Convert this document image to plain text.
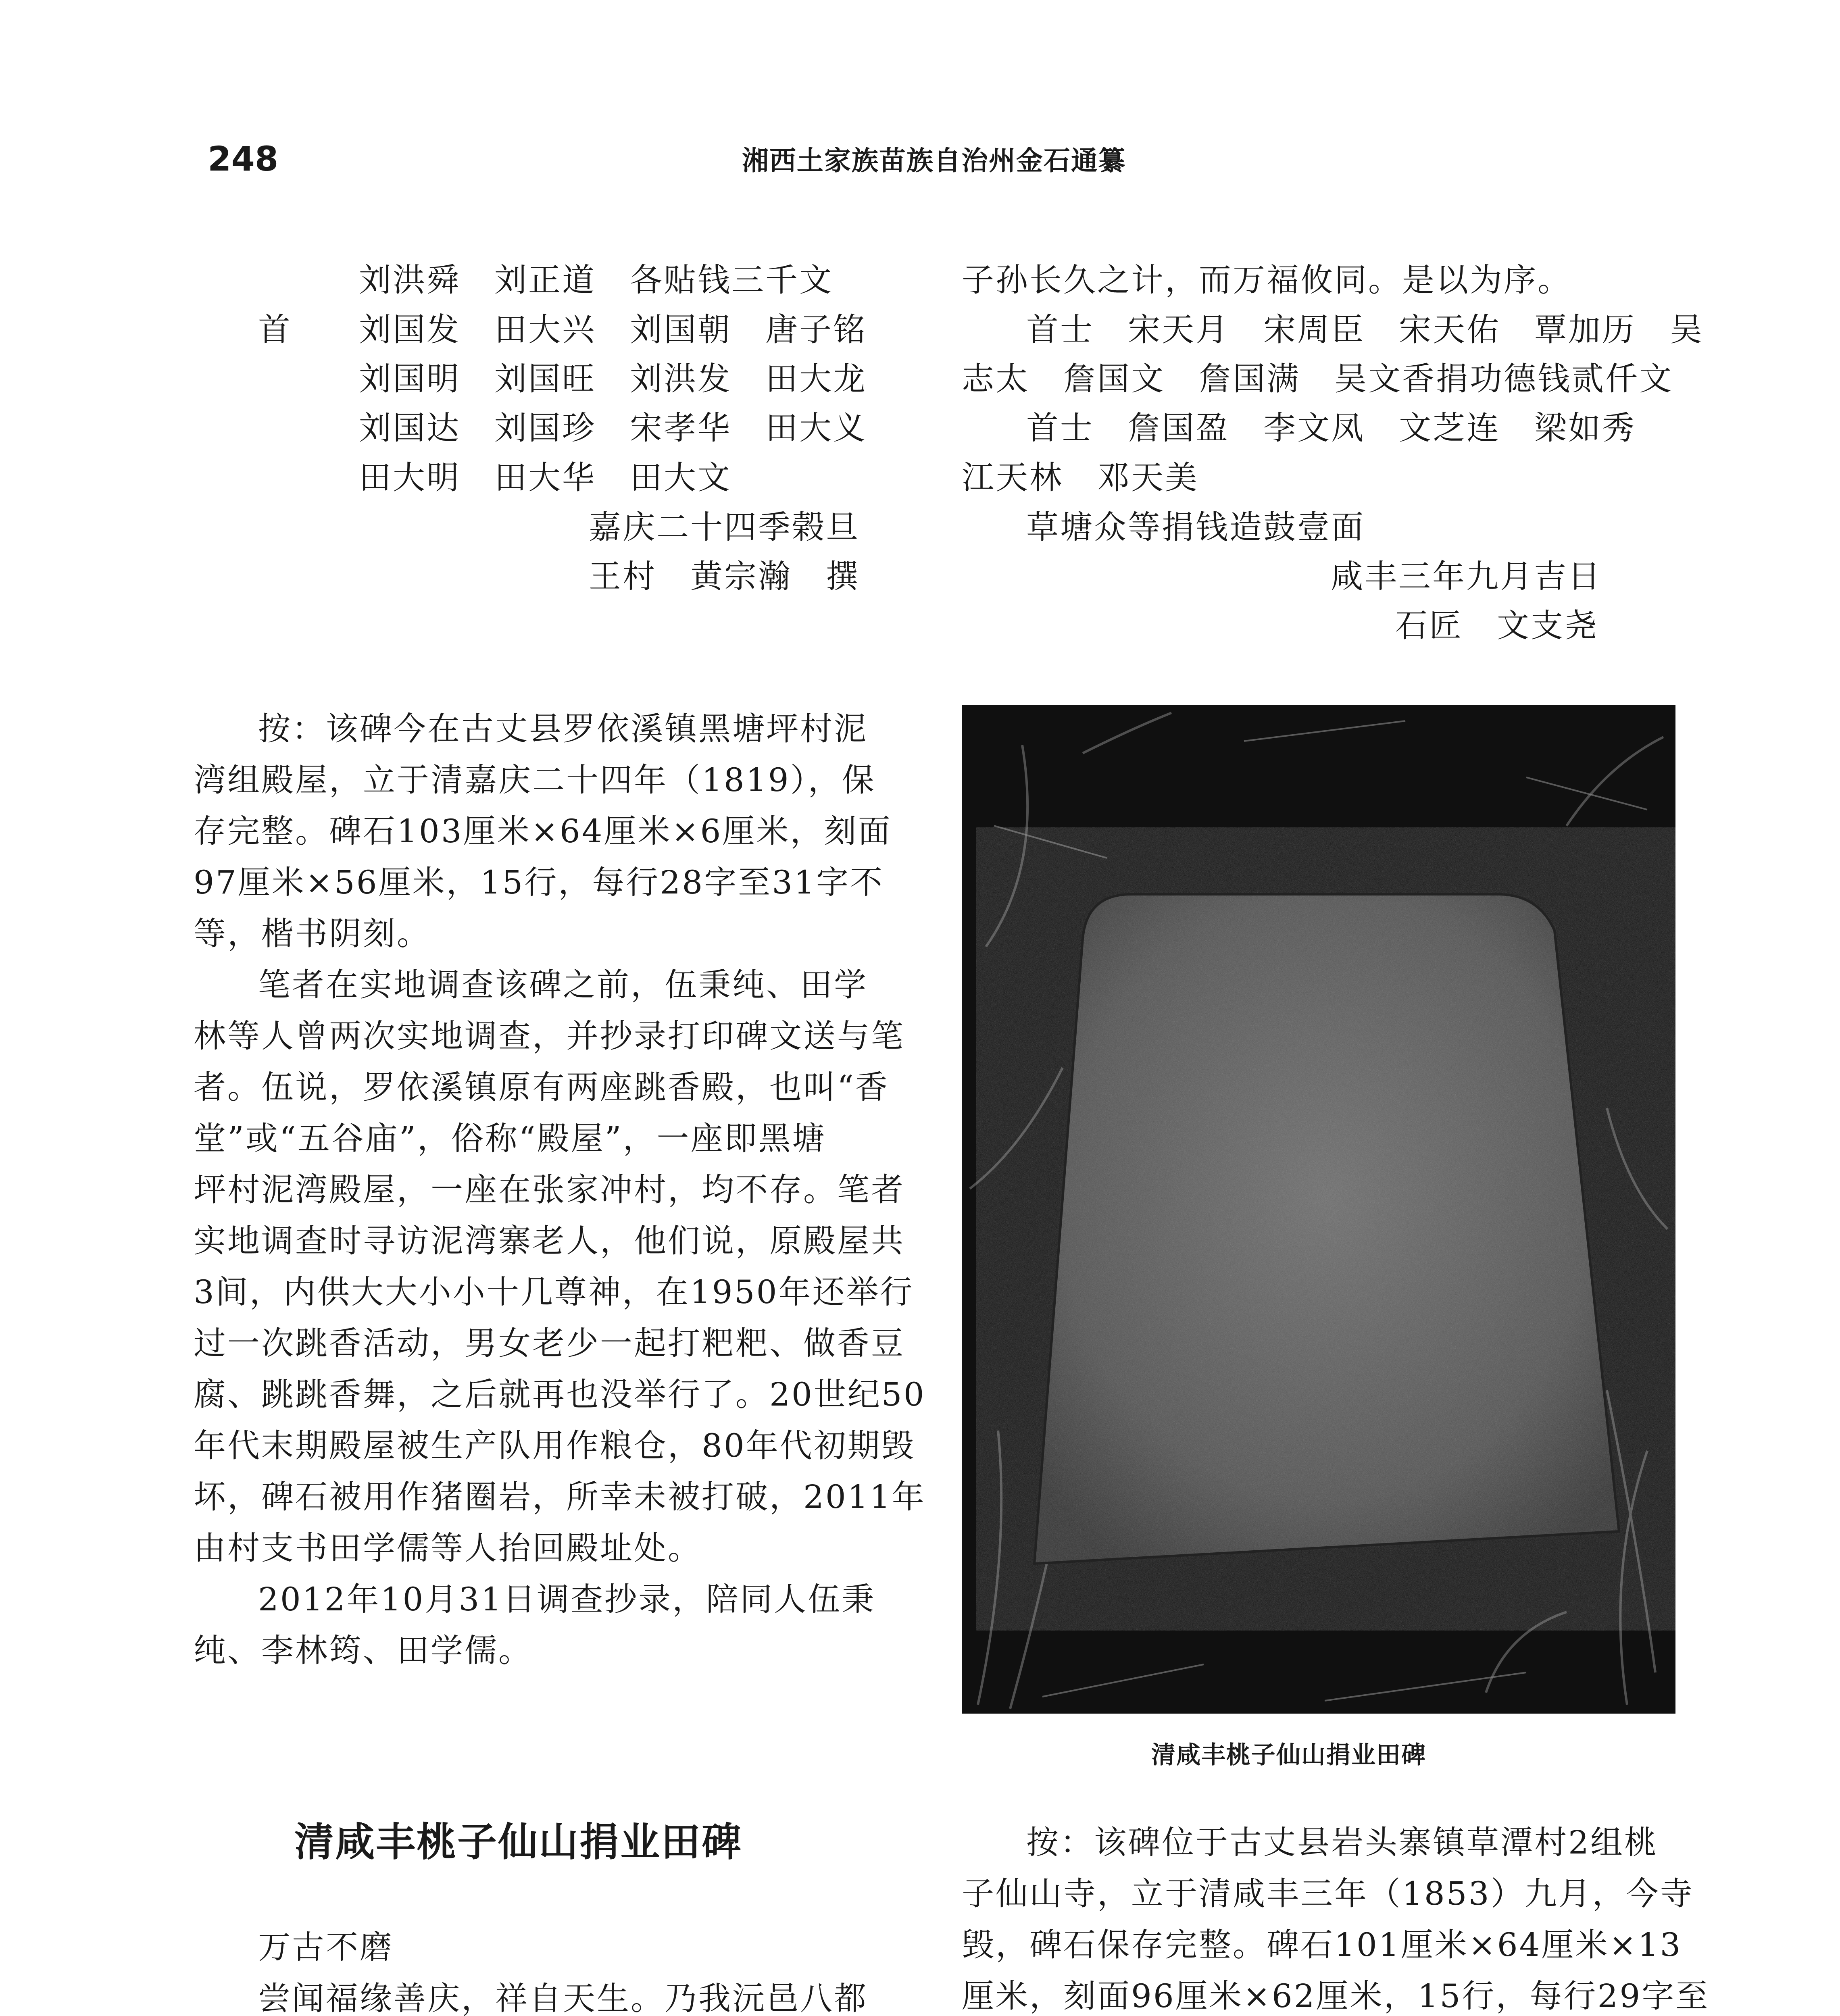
248	湘西土家族苗族自治州金石通纂
首
刘洪舜　刘正道　各贴钱三千文
刘国发　田大兴　刘国朝　唐子铭
刘国明　刘国旺　刘洪发　田大龙
刘国达　刘国珍　宋孝华　田大义
田大明　田大华　田大文
嘉庆二十四季榖旦
王村　黄宗瀚　撰
子孙长久之计，而万福攸同。是以为序。
首士　宋天月　宋周臣　宋天佑　覃加历　吴
志太　詹国文　詹国满　吴文香捐功德钱贰仟文
首士　詹国盈　李文凤　文芝连　梁如秀
江天林　邓天美
草塘众等捐钱造鼓壹面
咸丰三年九月吉日
石匠　文支尧
按：该碑今在古丈县罗依溪镇黑塘坪村泥
湾组殿屋，立于清嘉庆二十四年（1819），保
存完整。碑石103厘米×64厘米×6厘米，刻面
97厘米×56厘米，15行，每行28字至31字不
等，楷书阴刻。
笔者在实地调查该碑之前，伍秉纯、田学
林等人曾两次实地调查，并抄录打印碑文送与笔
者。伍说，罗依溪镇原有两座跳香殿，也叫“香
堂”或“五谷庙”，俗称“殿屋”，一座即黑塘
坪村泥湾殿屋，一座在张家冲村，均不存。笔者
实地调查时寻访泥湾寨老人，他们说，原殿屋共
3间，内供大大小小十几尊神，在1950年还举行
过一次跳香活动，男女老少一起打粑粑、做香豆
腐、跳跳香舞，之后就再也没举行了。20世纪50
年代末期殿屋被生产队用作粮仓，80年代初期毁
坏，碑石被用作猪圈岩，所幸未被打破，2011年
由村支书田学儒等人抬回殿址处。
2012年10月31日调查抄录，陪同人伍秉
纯、李林筠、田学儒。
清咸丰桃子仙山捐业田碑
清咸丰桃子仙山捐业田碑
万古不磨
尝闻福缘善庆，祥自天生。乃我沅邑八都
按：该碑位于古丈县岩头寨镇草潭村2组桃
子仙山寺，立于清咸丰三年（1853）九月，今寺
毁，碑石保存完整。碑石101厘米×64厘米×13
厘米，刻面96厘米×62厘米，15行，每行29字至
